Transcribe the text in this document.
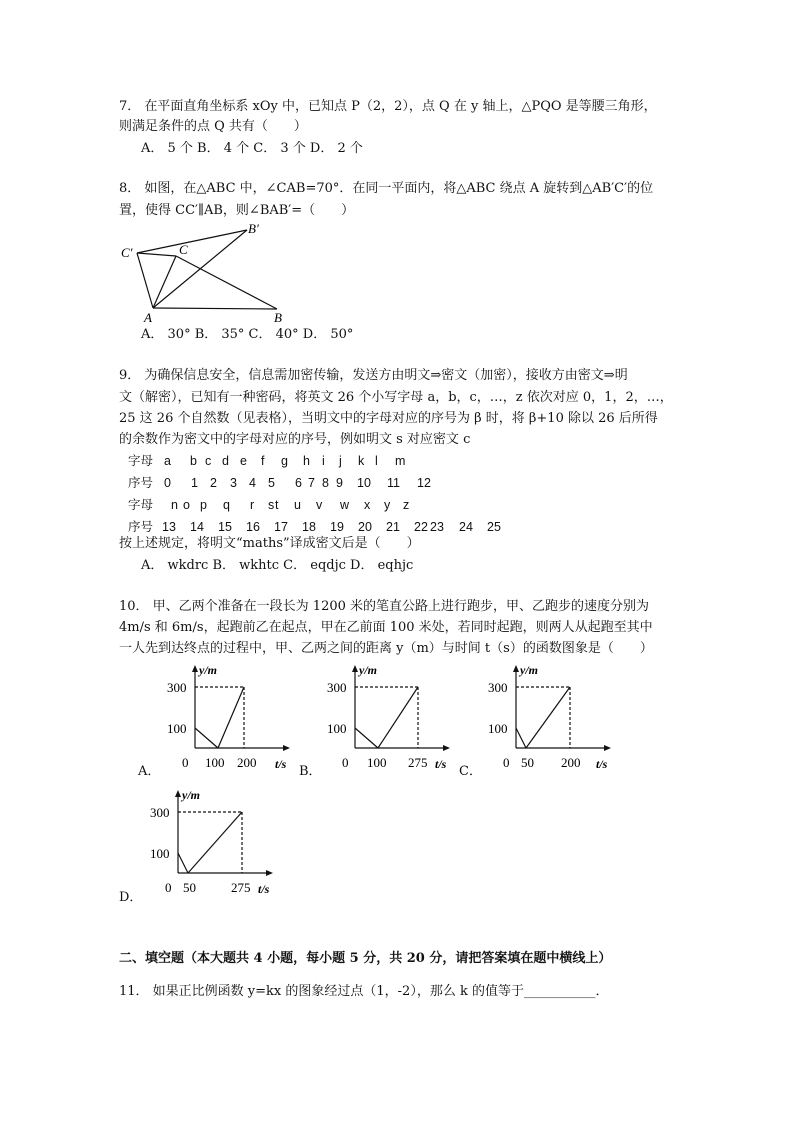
7． 在平面直角坐标系 xOy 中，已知点 P（2，2），点 Q 在 y 轴上，△PQO 是等腰三角形，
则满足条件的点 Q 共有（　　）
A． 5 个 B． 4 个 C． 3 个 D． 2 个
8． 如图，在△ABC 中，∠CAB=70°．在同一平面内，将△ABC 绕点 A 旋转到△AB′C′的位
置，使得 CC′∥AB，则∠BAB′=（　　）
C′	C
B′
A	B
A． 30° B． 35° C． 40° D． 50°
9． 为确保信息安全，信息需加密传输，发送方由明文⇒密文（加密），接收方由密文⇒明
文（解密），已知有一种密码，将英文 26 个小写字母 a，b，c，…，z 依次对应 0，1，2，…，
25 这 26 个自然数（见表格），当明文中的字母对应的序号为 β 时，将 β+10 除以 26 后所得
的余数作为密文中的字母对应的序号，例如明文 s 对应密文 c
字母 a b c d e f g h i j k l m
序号 0 1 2 3 4 5 6 7 8 9 10 11 12
字母 n o p q r s t u v w x y z
序号 13 14 15 16 17 18 19 20 21 22 23 24 25
按上述规定，将明文“maths”译成密文后是（　　）
A． wkdrc B． wkhtc C． eqdjc D． eqhjc
10． 甲、乙两个准备在一段长为 1200 米的笔直公路上进行跑步，甲、乙跑步的速度分别为
4m/s 和 6m/s，起跑前乙在起点，甲在乙前面 100 米处，若同时起跑，则两人从起跑至其中
一人先到达终点的过程中，甲、乙两之间的距离 y（m）与时间 t（s）的函数图象是（　　）
A．	B．	C．
D．
y/m
300
100
0 100 200 t/s
y/m
300
100
0 100 275 t/s
y/m
300
100
0 50 200 t/s
y/m
300
100
0 50	275 t/s
二、填空题（本大题共 4 小题，每小题 5 分，共 20 分，请把答案填在题中横线上）
11． 如果正比例函数 y=kx 的图象经过点（1，-2），那么 k 的值等于___________．
